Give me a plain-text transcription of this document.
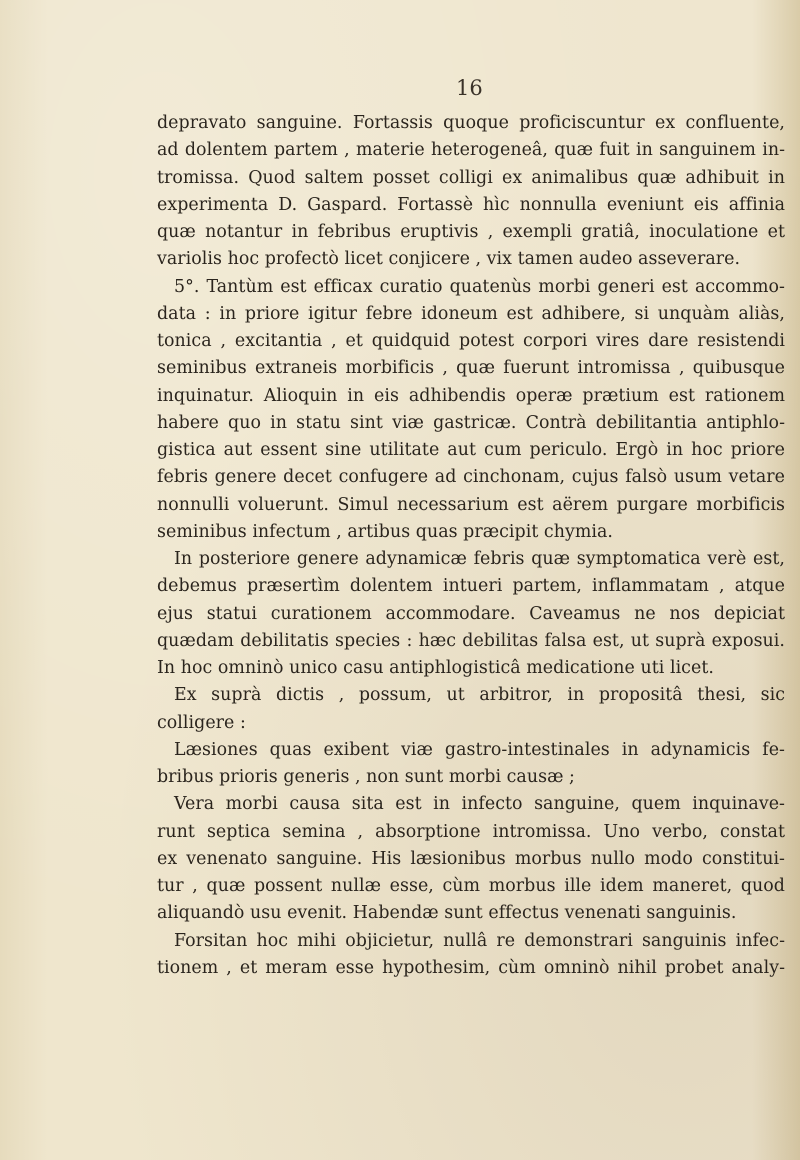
16
depravato sanguine. Fortassis quoque proficiscuntur ex confluente,
ad dolentem partem , materie heterogeneâ, quæ fuit in sanguinem in-
tromissa. Quod saltem posset colligi ex animalibus quæ adhibuit in
experimenta D. Gaspard. Fortassè hìc nonnulla eveniunt eis affinia
quæ notantur in febribus eruptivis , exempli gratiâ, inoculatione et
variolis hoc profectò licet conjicere , vix tamen audeo asseverare.
5°. Tantùm est efficax curatio quatenùs morbi generi est accommo-
data : in priore igitur febre idoneum est adhibere, si unquàm aliàs,
tonica , excitantia , et quidquid potest corpori vires dare resistendi
seminibus extraneis morbificis , quæ fuerunt intromissa , quibusque
inquinatur. Alioquin in eis adhibendis operæ prætium est rationem
habere quo in statu sint viæ gastricæ. Contrà debilitantia antiphlo-
gistica aut essent sine utilitate aut cum periculo. Ergò in hoc priore
febris genere decet confugere ad cinchonam, cujus falsò usum vetare
nonnulli voluerunt. Simul necessarium est aërem purgare morbificis
seminibus infectum , artibus quas præcipit chymia.
In posteriore genere adynamicæ febris quæ symptomatica verè est,
debemus præsertìm dolentem intueri partem, inflammatam , atque
ejus statui curationem accommodare. Caveamus ne nos depiciat
quædam debilitatis species : hæc debilitas falsa est, ut suprà exposui.
In hoc omninò unico casu antiphlogisticâ medicatione uti licet.
Ex suprà dictis , possum, ut arbitror, in propositâ thesi, sic
colligere :
Læsiones quas exibent viæ gastro-intestinales in adynamicis fe-
bribus prioris generis , non sunt morbi causæ ;
Vera morbi causa sita est in infecto sanguine, quem inquinave-
runt septica semina , absorptione intromissa. Uno verbo, constat
ex venenato sanguine. His læsionibus morbus nullo modo constitui-
tur , quæ possent nullæ esse, cùm morbus ille idem maneret, quod
aliquandò usu evenit. Habendæ sunt effectus venenati sanguinis.
Forsitan hoc mihi objicietur, nullâ re demonstrari sanguinis infec-
tionem , et meram esse hypothesim, cùm omninò nihil probet analy-
